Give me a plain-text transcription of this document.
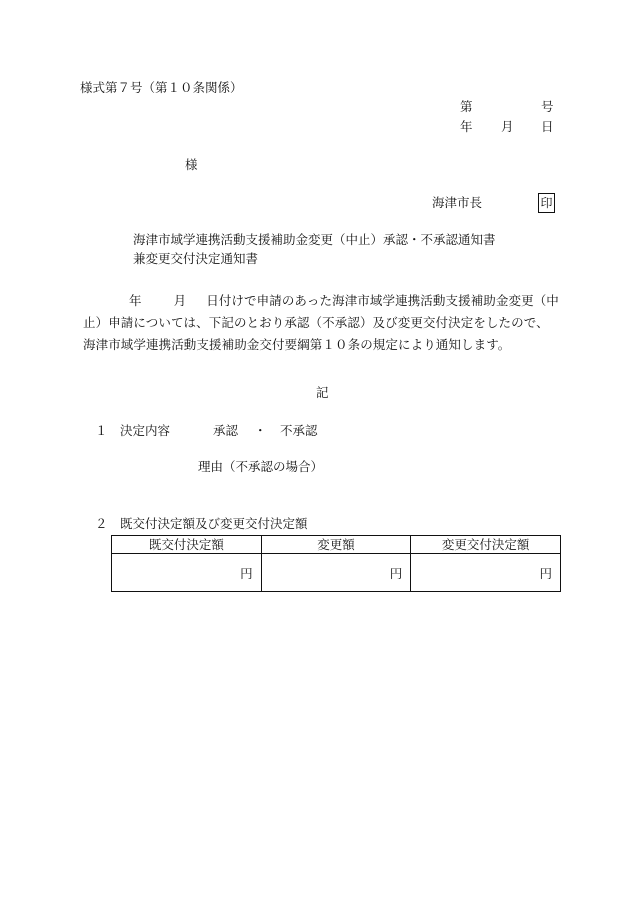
様式第７号（第１０条関係）
第	号
年 月 日
様
海津市長	印
海津市域学連携活動支援補助金変更（中止）承認・不承認通知書
兼変更交付決定通知書
年	月 日付けで申請のあった海津市域学連携活動支援補助金変更（中止）申請については、下記のとおり承認（不承認）及び変更交付決定をしたので、海津市域学連携活動支援補助金交付要綱第１０条の規定により通知します。
記
１ 決定内容	承認 ・ 不承認
理由（不承認の場合）
２ 既交付決定額及び変更交付決定額
既交付決定額	変更額	変更交付決定額
円	円	円
